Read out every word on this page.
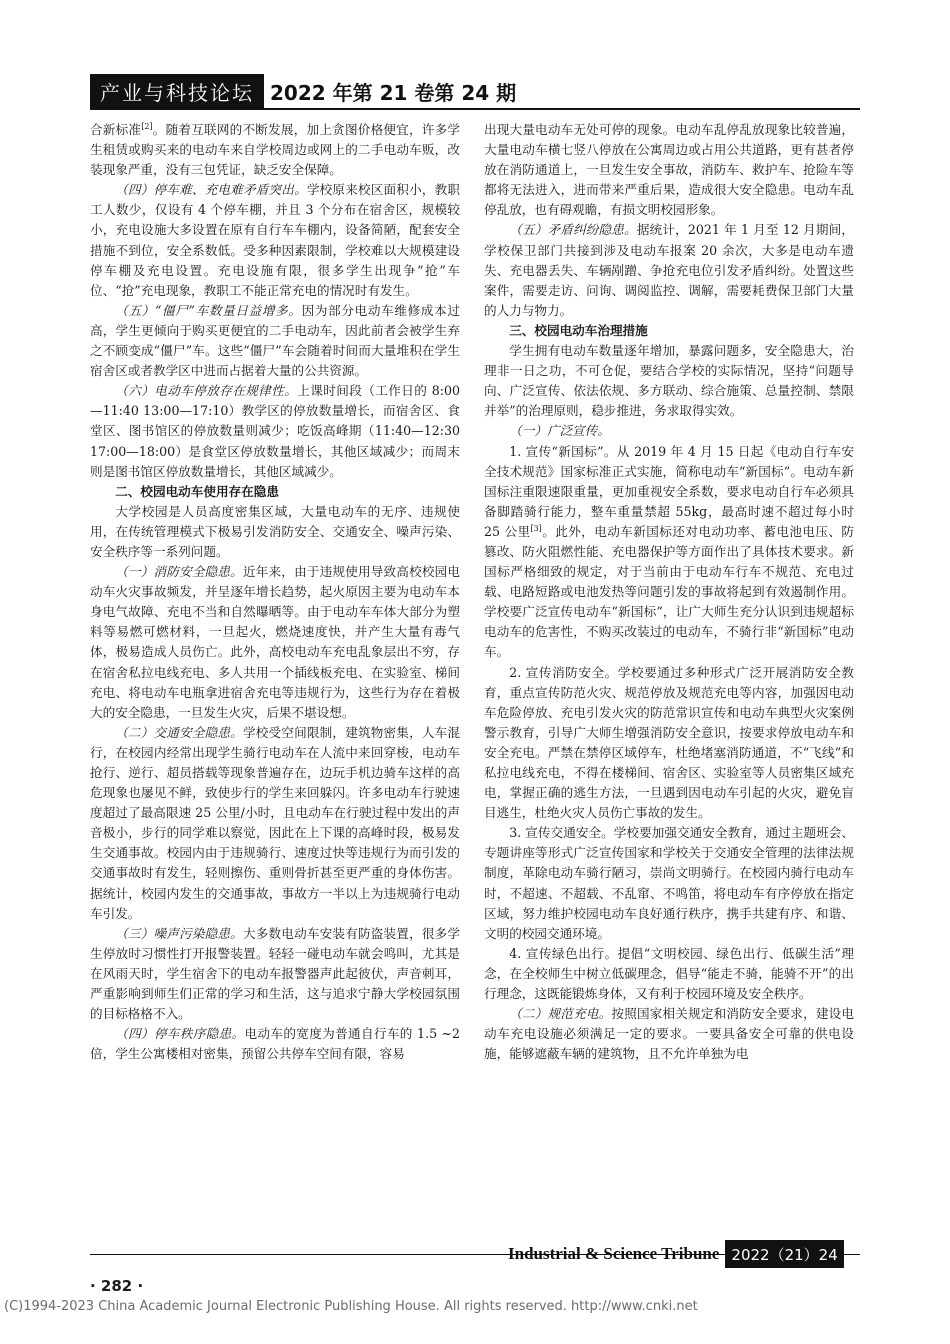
产业与科技论坛 2022 年第 21 卷第 24 期

合新标准[2]。随着互联网的不断发展，加上贪图价格便宜，许多学生租赁或购买来的电动车来自学校周边或网上的二手电动车贩，改装现象严重，没有三包凭证，缺乏安全保障。

（四）停车难、充电难矛盾突出。学校原来校区面积小，教职工人数少，仅设有 4 个停车棚，并且 3 个分布在宿舍区，规模较小，充电设施大多设置在原有自行车车棚内，设备简陋，配套安全措施不到位，安全系数低。受多种因素限制，学校难以大规模建设停车棚及充电设置。充电设施有限，很多学生出现争“抢”车位、“抢”充电现象，教职工不能正常充电的情况时有发生。

（五）“僵尸”车数量日益增多。因为部分电动车维修成本过高，学生更倾向于购买更便宜的二手电动车，因此前者会被学生弃之不顾变成“僵尸”车。这些“僵尸”车会随着时间而大量堆积在学生宿舍区或者教学区中进而占据着大量的公共资源。

（六）电动车停放存在规律性。上课时间段（工作日的 8:00—11:40 13:00—17:10）教学区的停放数量增长，而宿舍区、食堂区、图书馆区的停放数量则减少；吃饭高峰期（11:40—12:30 17:00—18:00）是食堂区停放数量增长，其他区域减少；而周末则是图书馆区停放数量增长，其他区域减少。

二、校园电动车使用存在隐患

大学校园是人员高度密集区域，大量电动车的无序、违规使用，在传统管理模式下极易引发消防安全、交通安全、噪声污染、安全秩序等一系列问题。

（一）消防安全隐患。近年来，由于违规使用导致高校校园电动车火灾事故频发，并呈逐年增长趋势，起火原因主要为电动车本身电气故障、充电不当和自然曝晒等。由于电动车车体大部分为塑料等易燃可燃材料，一旦起火，燃烧速度快，并产生大量有毒气体，极易造成人员伤亡。此外，高校电动车充电乱象层出不穷，存在宿舍私拉电线充电、多人共用一个插线板充电、在实验室、梯间充电、将电动车电瓶拿进宿舍充电等违规行为，这些行为存在着极大的安全隐患，一旦发生火灾，后果不堪设想。

（二）交通安全隐患。学校受空间限制，建筑物密集，人车混行，在校园内经常出现学生骑行电动车在人流中来回穿梭，电动车抢行、逆行、超员搭载等现象普遍存在，边玩手机边骑车这样的高危现象也屡见不鲜，致使步行的学生来回躲闪。许多电动车行驶速度超过了最高限速 25 公里/小时，且电动车在行驶过程中发出的声音极小，步行的同学难以察觉，因此在上下课的高峰时段，极易发生交通事故。校园内由于违规骑行、速度过快等违规行为而引发的交通事故时有发生，轻则擦伤、重则骨折甚至更严重的身体伤害。据统计，校园内发生的交通事故，事故方一半以上为违规骑行电动车引发。

（三）噪声污染隐患。大多数电动车安装有防盗装置，很多学生停放时习惯性打开报警装置。轻轻一碰电动车就会鸣叫，尤其是在风雨天时，学生宿舍下的电动车报警器声此起彼伏，声音刺耳，严重影响到师生们正常的学习和生活，这与追求宁静大学校园氛围的目标格格不入。

（四）停车秩序隐患。电动车的宽度为普通自行车的 1.5 ~2 倍，学生公寓楼相对密集，预留公共停车空间有限，容易

出现大量电动车无处可停的现象。电动车乱停乱放现象比较普遍，大量电动车横七竖八停放在公寓周边或占用公共道路，更有甚者停放在消防通道上，一旦发生安全事故，消防车、救护车、抢险车等都将无法进入，进而带来严重后果，造成很大安全隐患。电动车乱停乱放，也有碍观瞻，有损文明校园形象。

（五）矛盾纠纷隐患。据统计，2021 年 1 月至 12 月期间，学校保卫部门共接到涉及电动车报案 20 余次，大多是电动车遗失、充电器丢失、车辆剐蹭、争抢充电位引发矛盾纠纷。处置这些案件，需要走访、问询、调阅监控、调解，需要耗费保卫部门大量的人力与物力。

三、校园电动车治理措施

学生拥有电动车数量逐年增加，暴露问题多，安全隐患大，治理非一日之功，不可仓促，要结合学校的实际情况，坚持“问题导向、广泛宣传、依法依规、多方联动、综合施策、总量控制、禁限并举”的治理原则，稳步推进，务求取得实效。

（一）广泛宣传。

1. 宣传“新国标”。从 2019 年 4 月 15 日起《电动自行车安全技术规范》国家标准正式实施，简称电动车“新国标”。电动车新国标注重限速限重量，更加重视安全系数，要求电动自行车必须具备脚踏骑行能力，整车重量禁超 55kg，最高时速不超过每小时 25 公里[3]。此外，电动车新国标还对电动功率、蓄电池电压、防篡改、防火阻燃性能、充电器保护等方面作出了具体技术要求。新国标严格细致的规定，对于当前由于电动车行车不规范、充电过载、电路短路或电池发热等问题引发的事故将起到有效遏制作用。学校要广泛宣传电动车“新国标”，让广大师生充分认识到违规超标电动车的危害性，不购买改装过的电动车，不骑行非“新国标”电动车。

2. 宣传消防安全。学校要通过多种形式广泛开展消防安全教育，重点宣传防范火灾、规范停放及规范充电等内容，加强因电动车危险停放、充电引发火灾的防范常识宣传和电动车典型火灾案例警示教育，引导广大师生增强消防安全意识，按要求停放电动车和安全充电。严禁在禁停区域停车，杜绝堵塞消防通道，不“飞线”和私拉电线充电，不得在楼梯间、宿舍区、实验室等人员密集区域充电，掌握正确的逃生方法，一旦遇到因电动车引起的火灾，避免盲目逃生，杜绝火灾人员伤亡事故的发生。

3. 宣传交通安全。学校要加强交通安全教育，通过主题班会、专题讲座等形式广泛宣传国家和学校关于交通安全管理的法律法规制度，革除电动车骑行陋习，崇尚文明骑行。在校园内骑行电动车时，不超速、不超载、不乱窜、不鸣笛，将电动车有序停放在指定区域，努力维护校园电动车良好通行秩序，携手共建有序、和谐、文明的校园交通环境。

4. 宣传绿色出行。提倡“文明校园、绿色出行、低碳生活”理念，在全校师生中树立低碳理念，倡导“能走不骑，能骑不开”的出行理念，这既能锻炼身体，又有利于校园环境及安全秩序。

（二）规范充电。按照国家相关规定和消防安全要求，建设电动车充电设施必须满足一定的要求。一要具备安全可靠的供电设施，能够遮蔽车辆的建筑物，且不允许单独为电

· 282 ·
Industrial & Science Tribune 2022（21）24
(C)1994-2023 China Academic Journal Electronic Publishing House. All rights reserved. http://www.cnki.net
